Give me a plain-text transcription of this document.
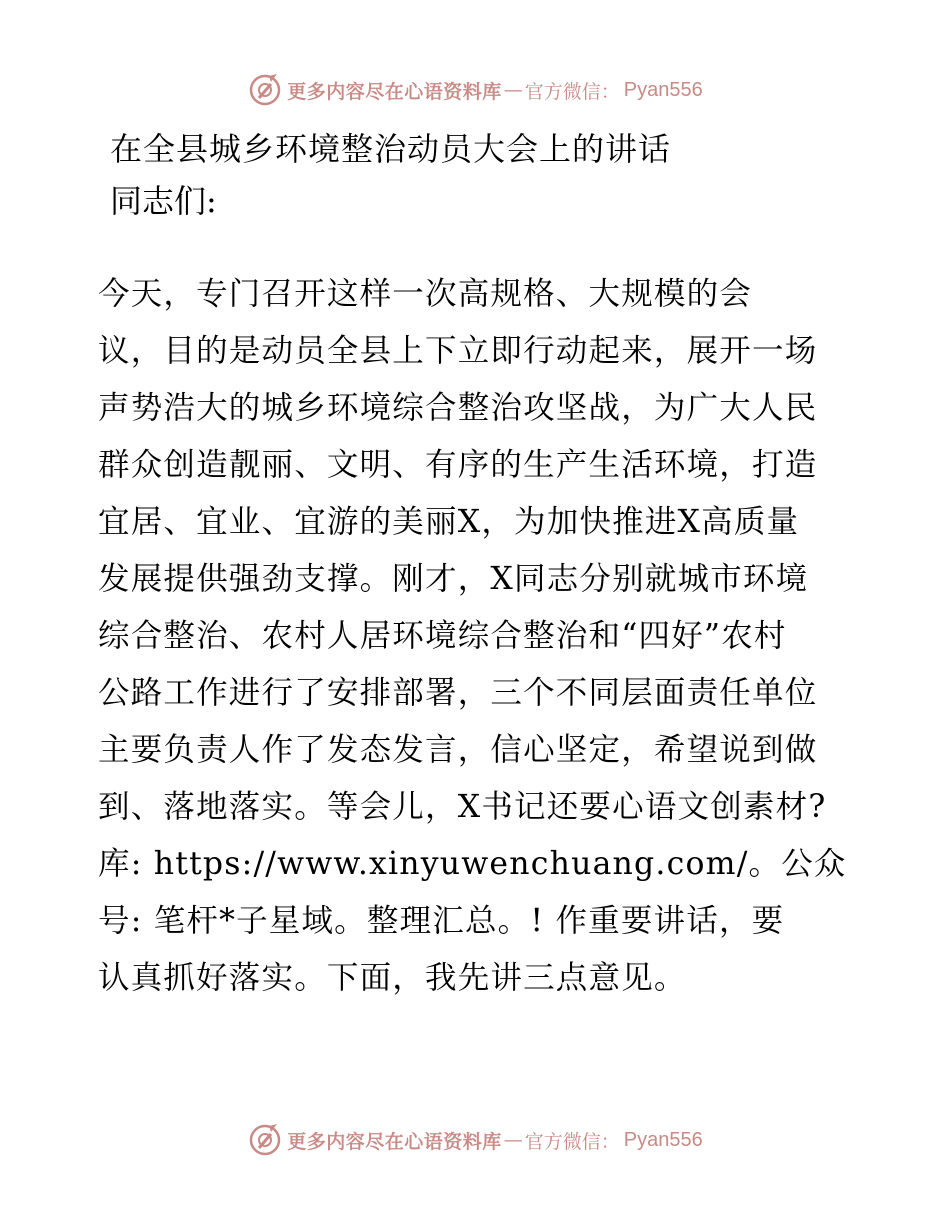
更多内容尽在心语资料库 — 官方微信 ： Pyan556
在全县城乡环境整治动员大会上的讲话
同志们:
今天，专门召开这样一次高规格、大规模的会
议，目的是动员全县上下立即行动起来，展开一场
声势浩大的城乡环境综合整治攻坚战，为广大人民
群众创造靓丽、文明、有序的生产生活环境，打造
宜居、宜业、宜游的美丽X，为加快推进X高质量
发展提供强劲支撑。刚才，X同志分别就城市环境
综合整治、农村人居环境综合整治和“四好”农村
公路工作进行了安排部署，三个不同层面责任单位
主要负责人作了发态发言，信心坚定，希望说到做
到、落地落实。等会儿，X书记还要心语文创素材?
库: https://www.xinyuwenchuang.com/。公众
号: 笔杆*子星域。整理汇总。! 作重要讲话，要
认真抓好落实。下面，我先讲三点意见。
更多内容尽在心语资料库 — 官方微信 ： Pyan556
